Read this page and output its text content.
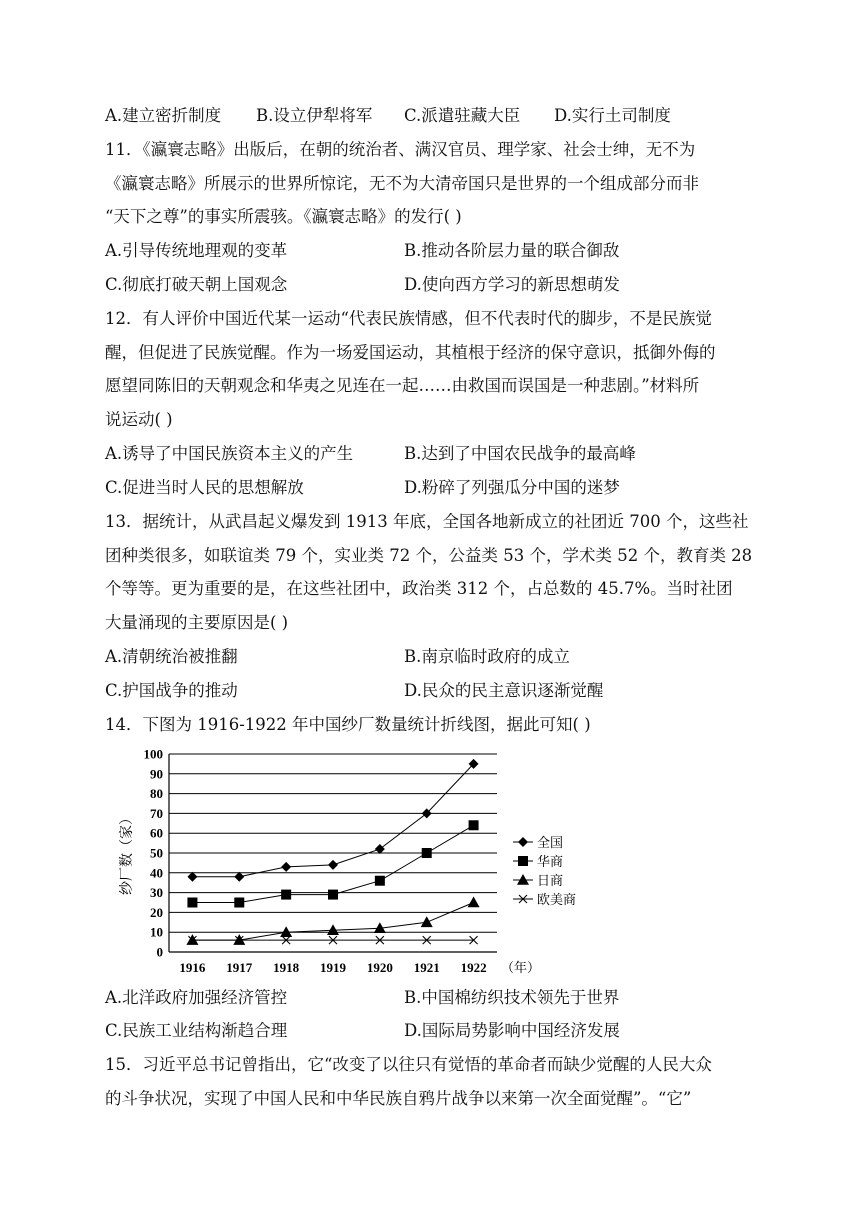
A.建立密折制度 B.设立伊犁将军 C.派遣驻藏大臣 D.实行土司制度
11．《瀛寰志略》出版后，在朝的统治者、满汉官员、理学家、社会士绅，无不为
《瀛寰志略》所展示的世界所惊诧，无不为大清帝国只是世界的一个组成部分而非
“天下之尊”的事实所震骇。《瀛寰志略》的发行( )
A.引导传统地理观的变革	B.推动各阶层力量的联合御敌
C.彻底打破天朝上国观念	D.使向西方学习的新思想萌发
12．有人评价中国近代某一运动“代表民族情感，但不代表时代的脚步，不是民族觉
醒，但促进了民族觉醒。作为一场爱国运动，其植根于经济的保守意识，抵御外侮的
愿望同陈旧的天朝观念和华夷之见连在一起……由救国而误国是一种悲剧。”材料所
说运动( )
A.诱导了中国民族资本主义的产生	B.达到了中国农民战争的最高峰
C.促进当时人民的思想解放	D.粉碎了列强瓜分中国的迷梦
13．据统计，从武昌起义爆发到 1913 年底，全国各地新成立的社团近 700 个，这些社
团种类很多，如联谊类 79 个，实业类 72 个，公益类 53 个，学术类 52 个，教育类 28
个等等。更为重要的是，在这些社团中，政治类 312 个，占总数的 45.7%。当时社团
大量涌现的主要原因是( )
A.清朝统治被推翻	B.南京临时政府的成立
C.护国战争的推动	D.民众的民主意识逐渐觉醒
14．下图为 1916-1922 年中国纱厂数量统计折线图，据此可知( )
0
10
20
30
40
50
60
70
80
90
100
1916 1917 1918 1919 1920 1921 1922 （年）
纱厂数（家）	全国
华商
日商
欧美商
A.北洋政府加强经济管控	B.中国棉纺织技术领先于世界
C.民族工业结构渐趋合理	D.国际局势影响中国经济发展
15．习近平总书记曾指出，它“改变了以往只有觉悟的革命者而缺少觉醒的人民大众
的斗争状况，实现了中国人民和中华民族自鸦片战争以来第一次全面觉醒”。“它”
